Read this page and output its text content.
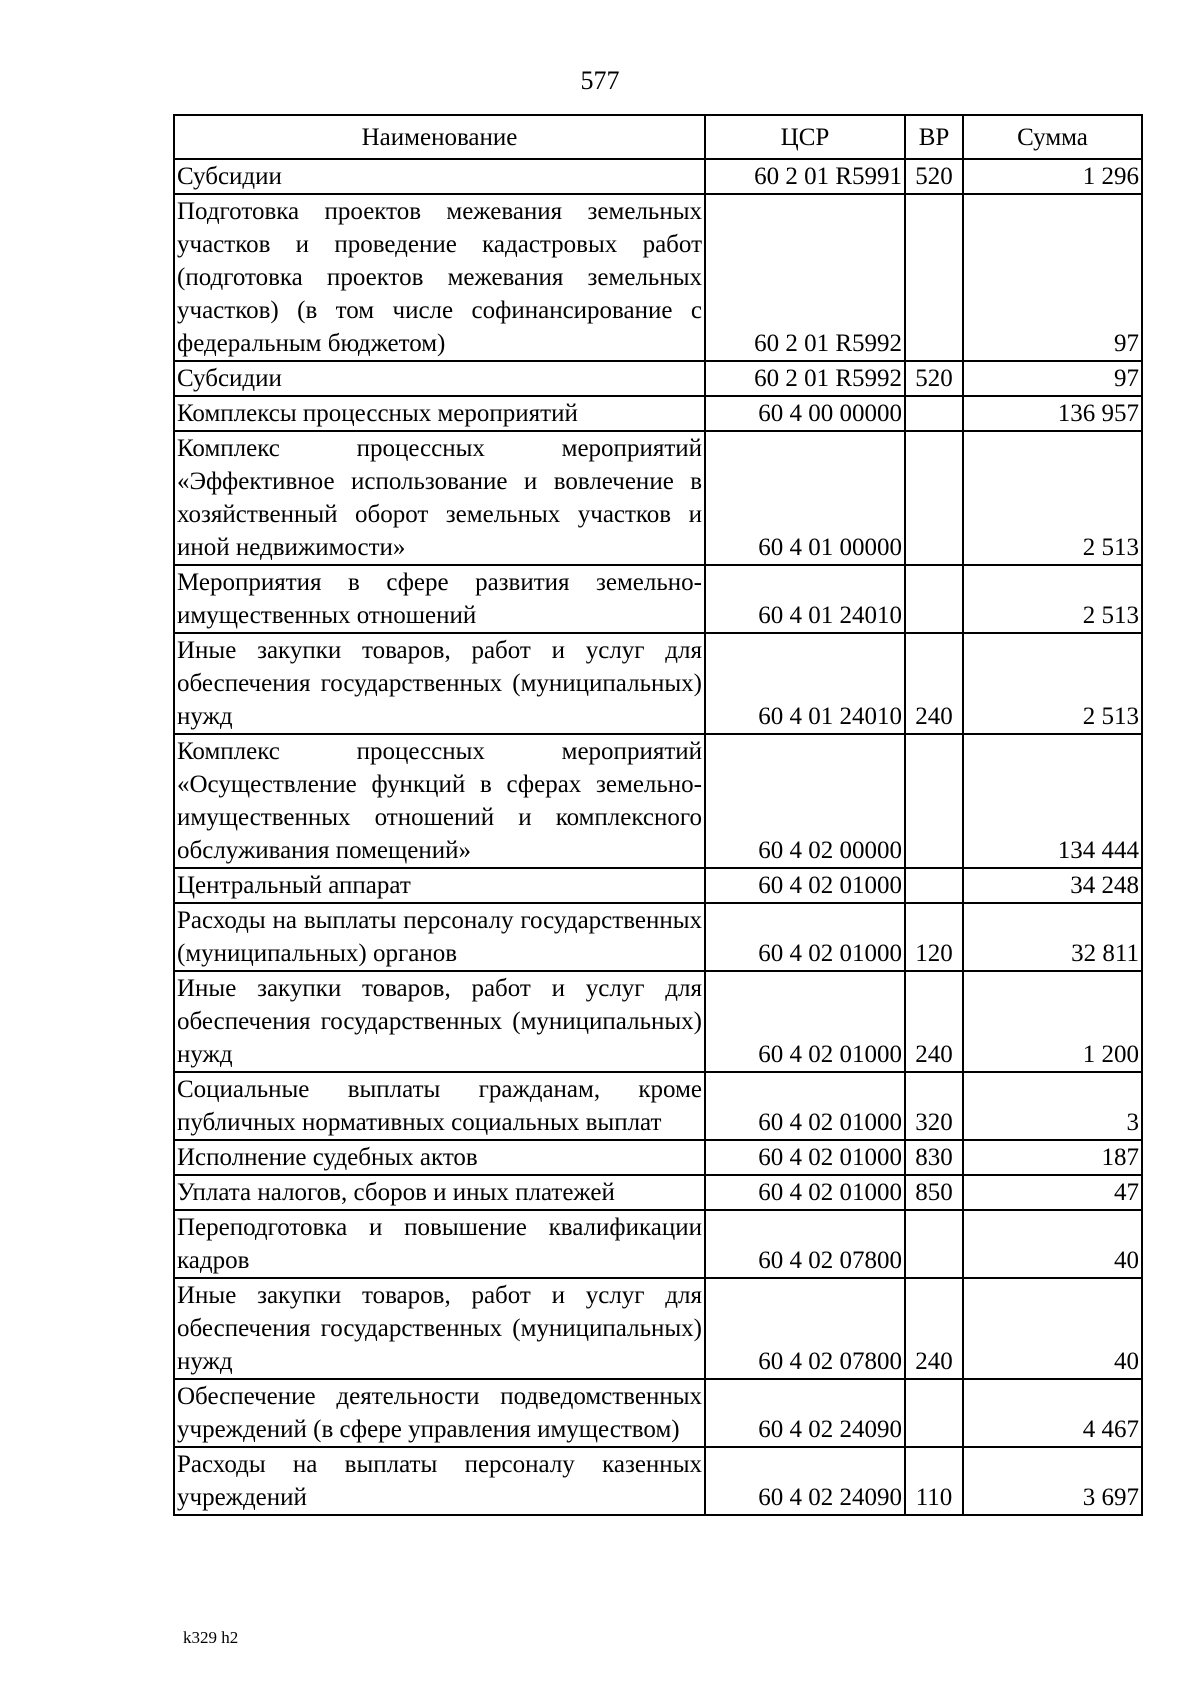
577
Наименование	ЦСР	ВР	Сумма
Субсидии	60 2 01 R5991	520	1 296
Подготовка проектов межевания земельных участков и проведение кадастровых работ (подготовка проектов межевания земельных участков) (в том числе софинансирование с федеральным бюджетом)	60 2 01 R5992		97
Субсидии	60 2 01 R5992	520	97
Комплексы процессных мероприятий	60 4 00 00000		136 957
Комплекс процессных мероприятий «Эффективное использование и вовлечение в хозяйственный оборот земельных участков и иной недвижимости»	60 4 01 00000		2 513
Мероприятия в сфере развития земельно-имущественных отношений	60 4 01 24010		2 513
Иные закупки товаров, работ и услуг для обеспечения государственных (муниципальных) нужд	60 4 01 24010	240	2 513
Комплекс процессных мероприятий «Осуществление функций в сферах земельно-имущественных отношений и комплексного обслуживания помещений»	60 4 02 00000		134 444
Центральный аппарат	60 4 02 01000		34 248
Расходы на выплаты персоналу государственных (муниципальных) органов	60 4 02 01000	120	32 811
Иные закупки товаров, работ и услуг для обеспечения государственных (муниципальных) нужд	60 4 02 01000	240	1 200
Социальные выплаты гражданам, кроме публичных нормативных социальных выплат	60 4 02 01000	320	3
Исполнение судебных актов	60 4 02 01000	830	187
Уплата налогов, сборов и иных платежей	60 4 02 01000	850	47
Переподготовка и повышение квалификации кадров	60 4 02 07800		40
Иные закупки товаров, работ и услуг для обеспечения государственных (муниципальных) нужд	60 4 02 07800	240	40
Обеспечение деятельности подведомственных учреждений (в сфере управления имуществом)	60 4 02 24090		4 467
Расходы на выплаты персоналу казенных учреждений	60 4 02 24090	110	3 697
k329 h2
